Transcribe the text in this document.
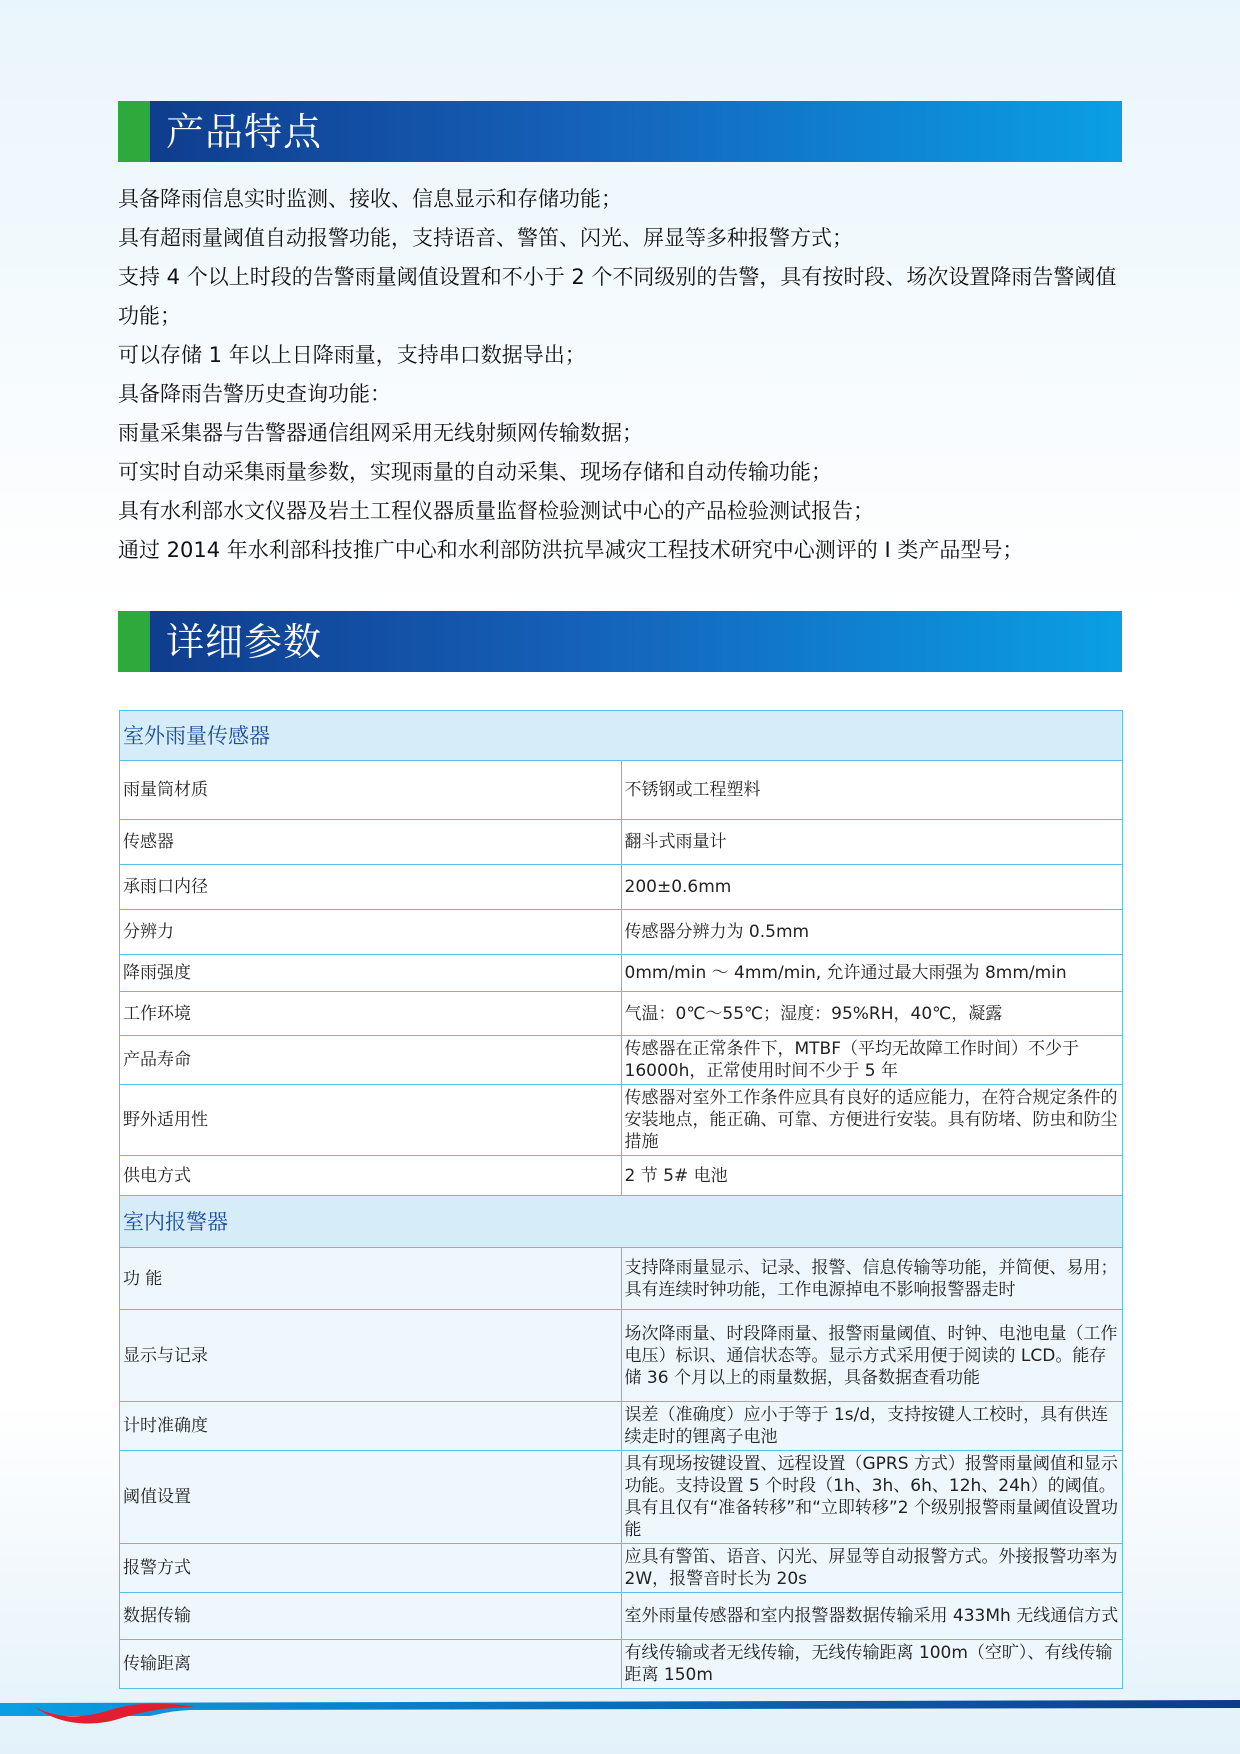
产品特点
具备降雨信息实时监测、接收、信息显示和存储功能；
具有超雨量阈值自动报警功能，支持语音、警笛、闪光、屏显等多种报警方式；
支持 4 个以上时段的告警雨量阈值设置和不小于 2 个不同级别的告警，具有按时段、场次设置降雨告警阈值功能；
可以存储 1 年以上日降雨量，支持串口数据导出；
具备降雨告警历史查询功能：
雨量采集器与告警器通信组网采用无线射频网传输数据；
可实时自动采集雨量参数，实现雨量的自动采集、现场存储和自动传输功能；
具有水利部水文仪器及岩土工程仪器质量监督检验测试中心的产品检验测试报告；
通过 2014 年水利部科技推广中心和水利部防洪抗旱减灾工程技术研究中心测评的 I 类产品型号；
详细参数
室外雨量传感器	
雨量筒材质	不锈钢或工程塑料
传感器	翻斗式雨量计
承雨口内径	200±0.6mm
分辨力	传感器分辨力为 0.5mm
降雨强度	0mm/min ～ 4mm/min, 允许通过最大雨强为 8mm/min
工作环境	气温：0℃～55℃；湿度：95%RH，40℃，凝露
产品寿命	传感器在正常条件下，MTBF（平均无故障工作时间）不少于 16000h，正常使用时间不少于 5 年
野外适用性	传感器对室外工作条件应具有良好的适应能力，在符合规定条件的安装地点，能正确、可靠、方便进行安装。具有防堵、防虫和防尘措施
供电方式	2 节 5# 电池
室内报警器	
功 能	支持降雨量显示、记录、报警、信息传输等功能，并简便、易用；具有连续时钟功能，工作电源掉电不影响报警器走时
显示与记录	场次降雨量、时段降雨量、报警雨量阈值、时钟、电池电量（工作电压）标识、通信状态等。显示方式采用便于阅读的 LCD。能存储 36 个月以上的雨量数据，具备数据查看功能
计时准确度	误差（准确度）应小于等于 1s/d，支持按键人工校时，具有供连续走时的锂离子电池
阈值设置	具有现场按键设置、远程设置（GPRS 方式）报警雨量阈值和显示功能。支持设置 5 个时段（1h、3h、6h、12h、24h）的阈值。具有且仅有“准备转移”和“立即转移”2 个级别报警雨量阈值设置功能
报警方式	应具有警笛、语音、闪光、屏显等自动报警方式。外接报警功率为 2W，报警音时长为 20s
数据传输	室外雨量传感器和室内报警器数据传输采用 433Mh 无线通信方式
传输距离	有线传输或者无线传输，无线传输距离 100m（空旷）、有线传输距离 150m
